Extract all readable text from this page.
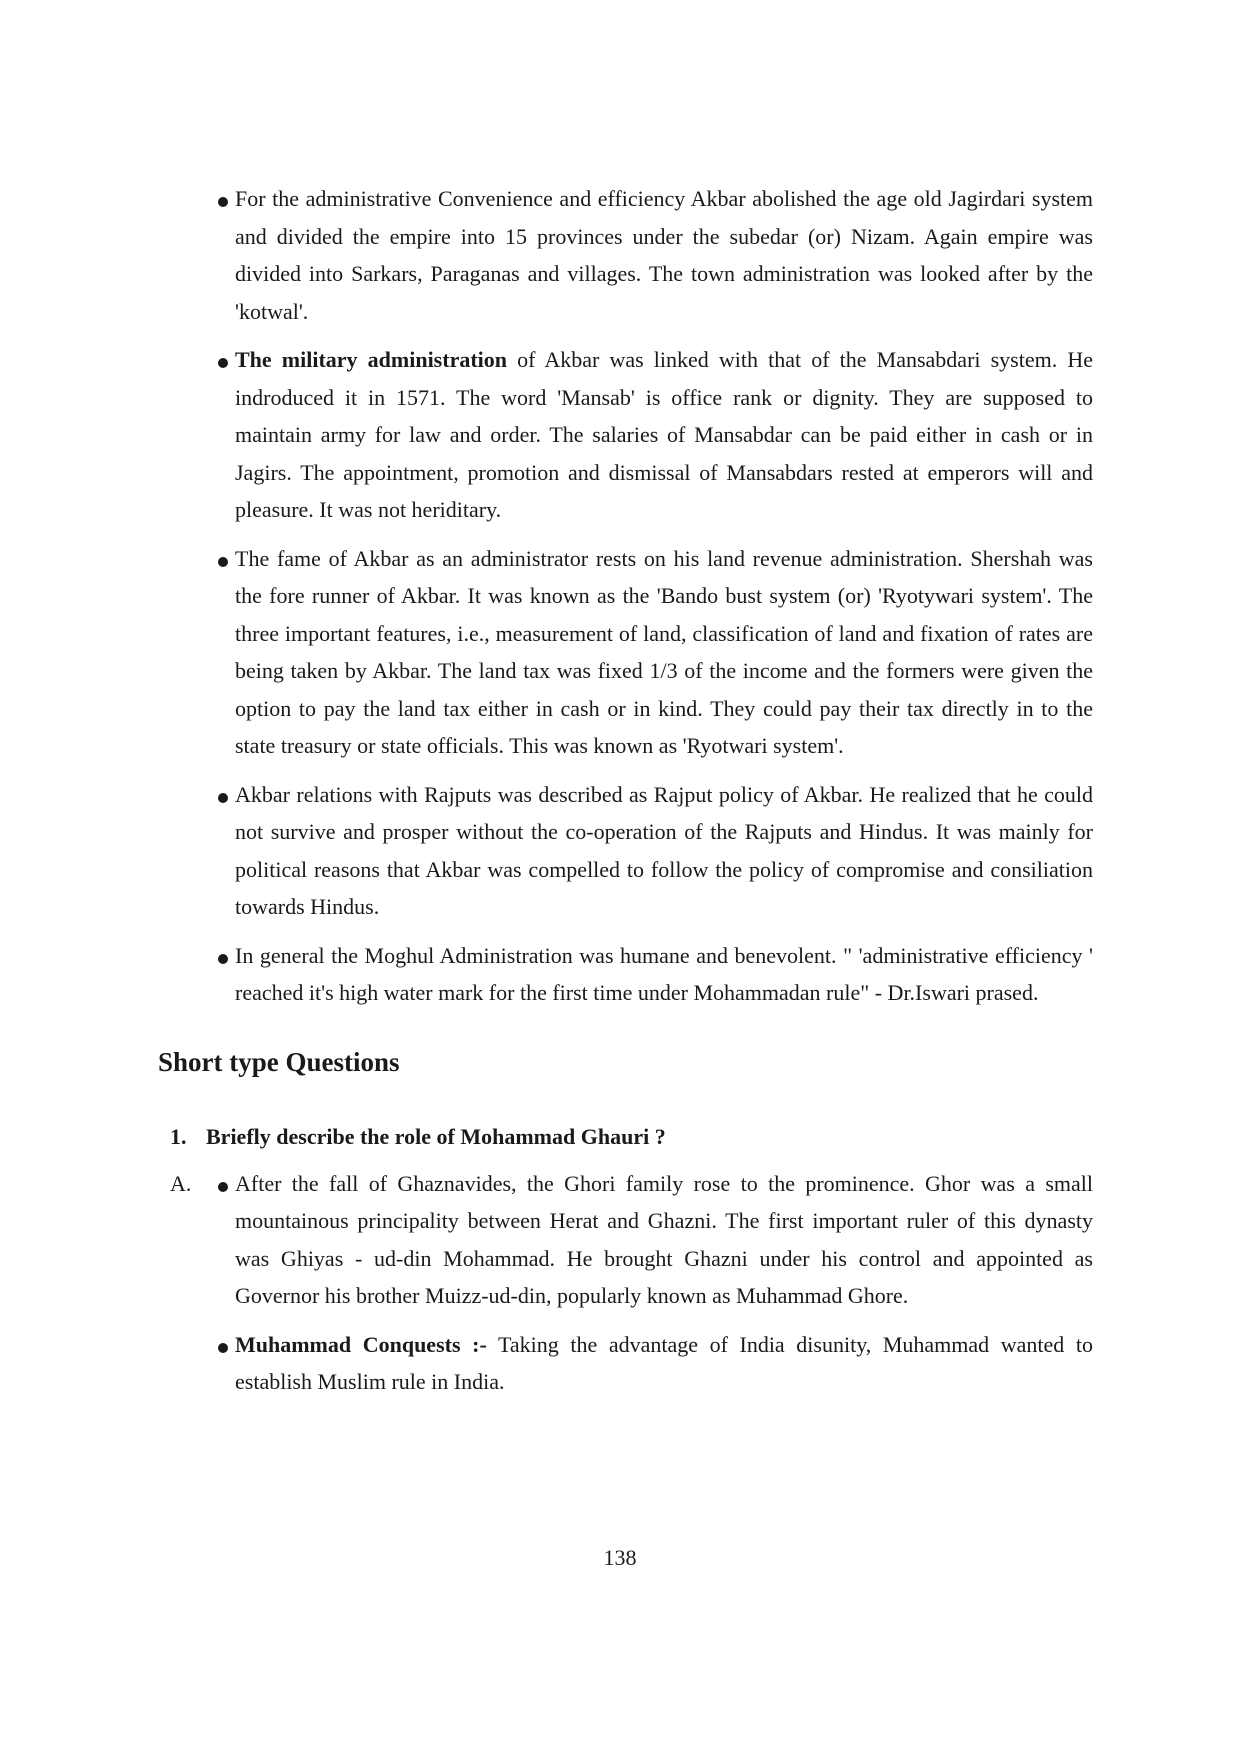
For the administrative Convenience and efficiency Akbar abolished the age old Jagirdari system and divided the empire into 15 provinces under the subedar (or) Nizam. Again empire was divided into Sarkars, Paraganas and villages. The town administration was looked after by the 'kotwal'.
The military administration of Akbar was linked with that of the Mansabdari system. He indroduced it in 1571. The word 'Mansab' is office rank or dignity. They are supposed to maintain army for law and order. The salaries of Mansabdar can be paid either in cash or in Jagirs. The appointment, promotion and dismissal of Mansabdars rested at emperors will and pleasure. It was not heriditary.
The fame of Akbar as an administrator rests on his land revenue administration. Shershah was the fore runner of Akbar. It was known as the 'Bando bust system (or) 'Ryotywari system'. The three important features, i.e., measurement of land, classification of land and fixation of rates are being taken by Akbar. The land tax was fixed 1/3 of the income and the formers were given the option to pay the land tax either in cash or in kind. They could pay their tax directly in to the state treasury or state officials. This was known as 'Ryotwari system'.
Akbar relations with Rajputs was described as Rajput policy of Akbar. He realized that he could not survive and prosper without the co-operation of the Rajputs and Hindus. It was mainly for political reasons that Akbar was compelled to follow the policy of compromise and consiliation towards Hindus.
In general the Moghul Administration was humane and benevolent. " 'administrative efficiency ' reached it's high water mark for the first time under Mohammadan rule" - Dr.Iswari prased.
Short type Questions
1. Briefly describe the role of Mohammad Ghauri ?
A.	After the fall of Ghaznavides, the Ghori family rose to the prominence. Ghor was a small mountainous principality between Herat and Ghazni. The first important ruler of this dynasty was Ghiyas - ud-din Mohammad. He brought Ghazni under his control and appointed as Governor his brother Muizz-ud-din, popularly known as Muhammad Ghore.
Muhammad Conquests :- Taking the advantage of India disunity, Muhammad wanted to establish Muslim rule in India.
138
